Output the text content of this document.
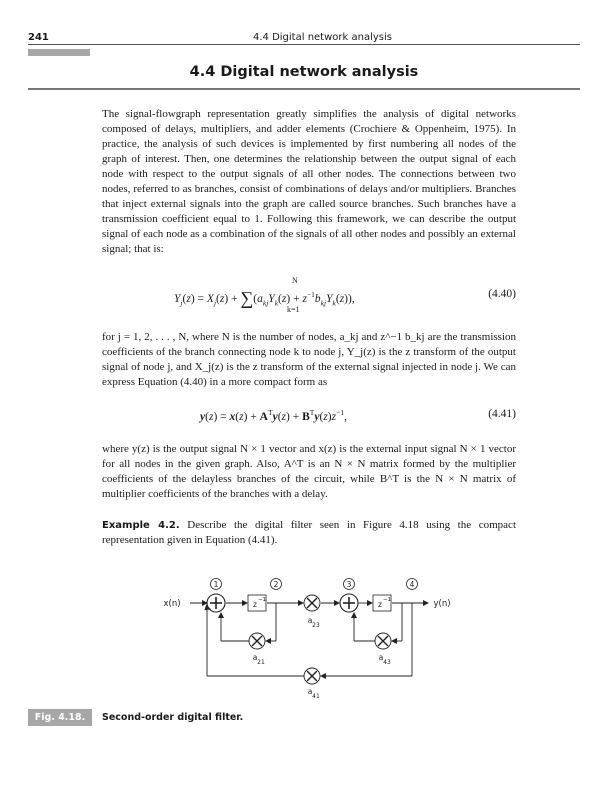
241	4.4 Digital network analysis
4.4 Digital network analysis

The signal-flowgraph representation greatly simplifies the analysis of digital networks composed of delays, multipliers, and adder elements (Crochiere & Oppenheim, 1975). In practice, the analysis of such devices is implemented by first numbering all nodes of the graph of interest. Then, one determines the relationship between the output signal of each node with respect to the output signals of all other nodes. The connections between two nodes, referred to as branches, consist of combinations of delays and/or multipliers. Branches that inject external signals into the graph are called source branches. Such branches have a transmission coefficient equal to 1. Following this framework, we can describe the output signal of each node as a combination of the signals of all other nodes and possibly an external signal; that is:

N
$Y_j(z) = X_j(z) + \sum(a_{kj}Y_k(z) + z^{-1}b_{kj}Y_k(z))$,
k=1
(4.40)

for j = 1, 2, . . . , N, where N is the number of nodes, a_kj and z^−1 b_kj are the transmission coefficients of the branch connecting node k to node j, Y_j(z) is the z transform of the output signal of node j, and X_j(z) is the z transform of the external signal injected in node j. We can express Equation (4.40) in a more compact form as

$y(z) = x(z) + A^Ty(z) + B^Ty(z)z^{-1}$,	(4.41)

where y(z) is the output signal N × 1 vector and x(z) is the external input signal N × 1 vector for all nodes in the given graph. Also, A^T is an N × N matrix formed by the multiplier coefficients of the delayless branches of the circuit, while B^T is the N × N matrix of multiplier coefficients of the branches with a delay.

Example 4.2. Describe the digital filter seen in Figure 4.18 using the compact representation given in Equation (4.41).

1	2	3	4
x(n)	y(n)
z −1	z −1
a
23
a
21
a
43
a
41
Fig. 4.18.	Second-order digital filter.
